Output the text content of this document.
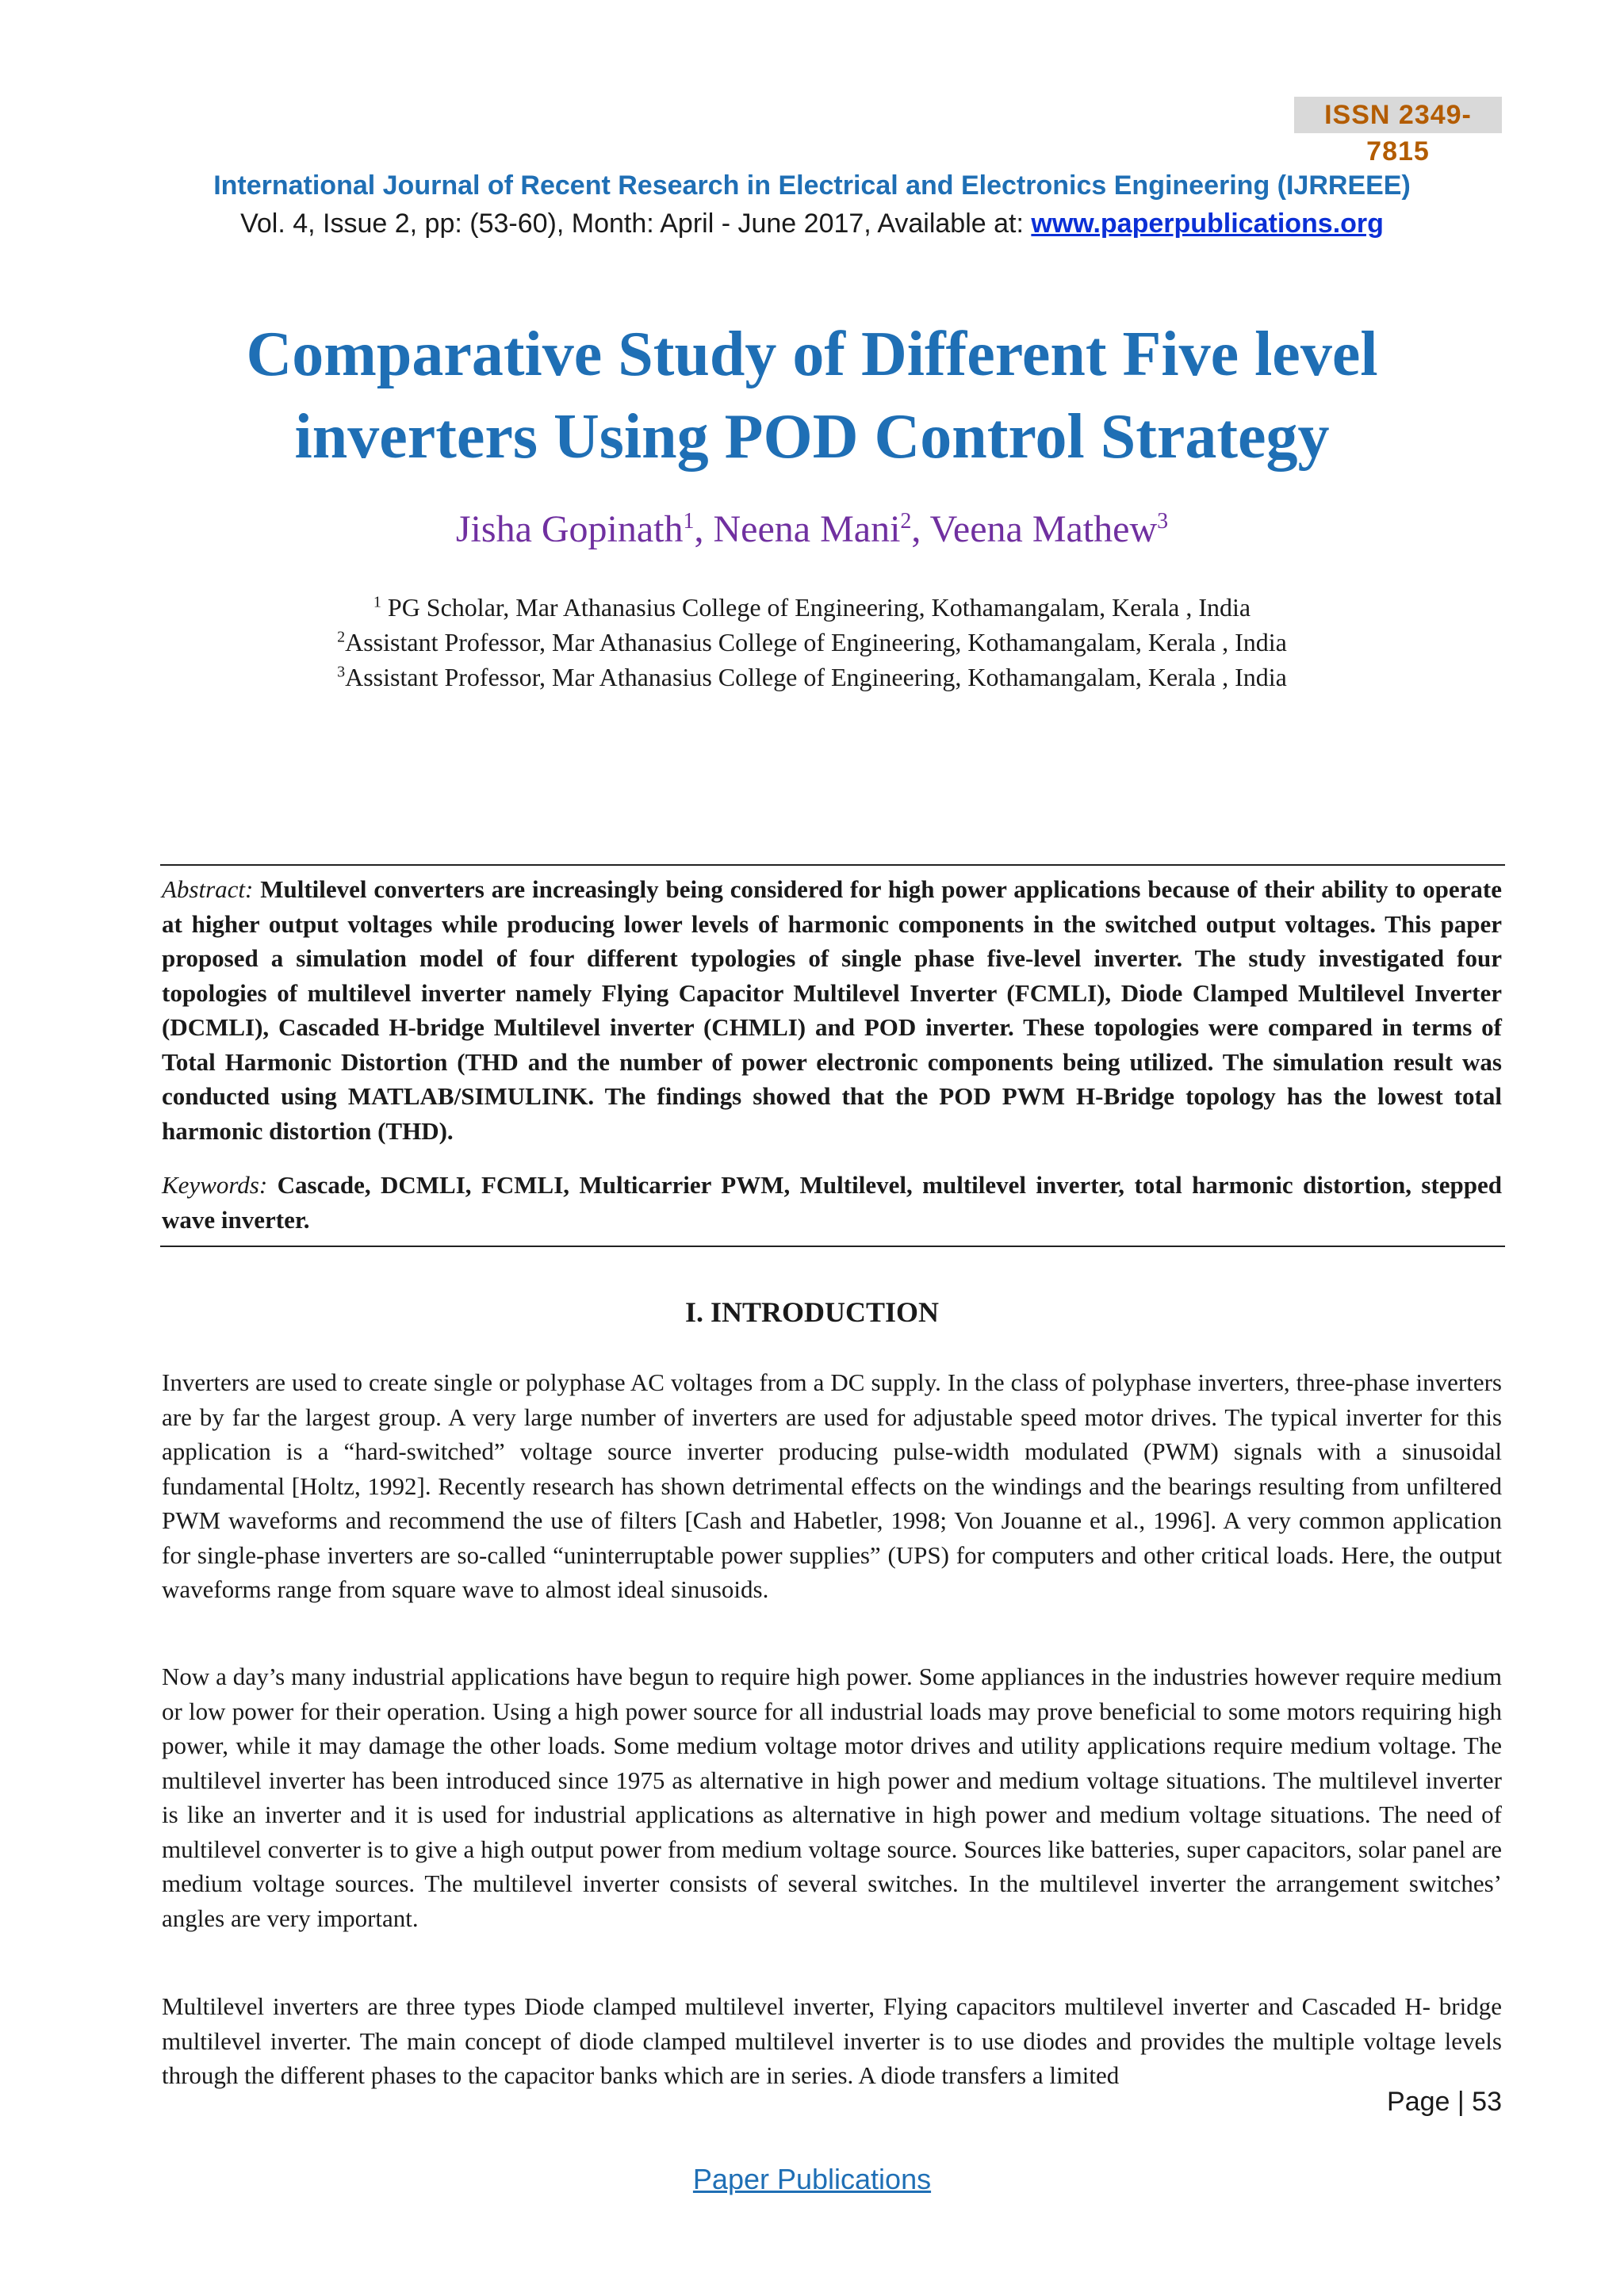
ISSN 2349-7815
International Journal of Recent Research in Electrical and Electronics Engineering (IJRREEE)
Vol. 4, Issue 2, pp: (53-60), Month: April - June 2017, Available at: www.paperpublications.org
Comparative Study of Different Five level
inverters Using POD Control Strategy
Jisha Gopinath$^1$, Neena Mani$^2$, Veena Mathew$^3$
$^1$ PG Scholar, Mar Athanasius College of Engineering, Kothamangalam, Kerala , India
$^2$Assistant Professor, Mar Athanasius College of Engineering, Kothamangalam, Kerala , India
$^3$Assistant Professor, Mar Athanasius College of Engineering, Kothamangalam, Kerala , India
Abstract: Multilevel converters are increasingly being considered for high power applications because of their ability to operate at higher output voltages while producing lower levels of harmonic components in the switched output voltages. This paper proposed a simulation model of four different typologies of single phase five-level inverter. The study investigated four topologies of multilevel inverter namely Flying Capacitor Multilevel Inverter (FCMLI), Diode Clamped Multilevel Inverter (DCMLI), Cascaded H-bridge Multilevel inverter (CHMLI) and POD inverter. These topologies were compared in terms of Total Harmonic Distortion (THD and the number of power electronic components being utilized. The simulation result was conducted using MATLAB/SIMULINK. The findings showed that the POD PWM H-Bridge topology has the lowest total harmonic distortion (THD).
Keywords: Cascade, DCMLI, FCMLI, Multicarrier PWM, Multilevel, multilevel inverter, total harmonic distortion, stepped wave inverter.
I. INTRODUCTION
Inverters are used to create single or polyphase AC voltages from a DC supply. In the class of polyphase inverters, three-phase inverters are by far the largest group. A very large number of inverters are used for adjustable speed motor drives. The typical inverter for this application is a “hard-switched” voltage source inverter producing pulse-width modulated (PWM) signals with a sinusoidal fundamental [Holtz, 1992]. Recently research has shown detrimental effects on the windings and the bearings resulting from unfiltered PWM waveforms and recommend the use of filters [Cash and Habetler, 1998; Von Jouanne et al., 1996]. A very common application for single-phase inverters are so-called “uninterruptable power supplies” (UPS) for computers and other critical loads. Here, the output waveforms range from square wave to almost ideal sinusoids.
Now a day’s many industrial applications have begun to require high power. Some appliances in the industries however require medium or low power for their operation. Using a high power source for all industrial loads may prove beneficial to some motors requiring high power, while it may damage the other loads. Some medium voltage motor drives and utility applications require medium voltage. The multilevel inverter has been introduced since 1975 as alternative in high power and medium voltage situations. The multilevel inverter is like an inverter and it is used for industrial applications as alternative in high power and medium voltage situations. The need of multilevel converter is to give a high output power from medium voltage source. Sources like batteries, super capacitors, solar panel are medium voltage sources. The multilevel inverter consists of several switches. In the multilevel inverter the arrangement switches’ angles are very important.
Multilevel inverters are three types Diode clamped multilevel inverter, Flying capacitors multilevel inverter and Cascaded H- bridge multilevel inverter. The main concept of diode clamped multilevel inverter is to use diodes and provides the multiple voltage levels through the different phases to the capacitor banks which are in series. A diode transfers a limited
Page | 53
Paper Publications
